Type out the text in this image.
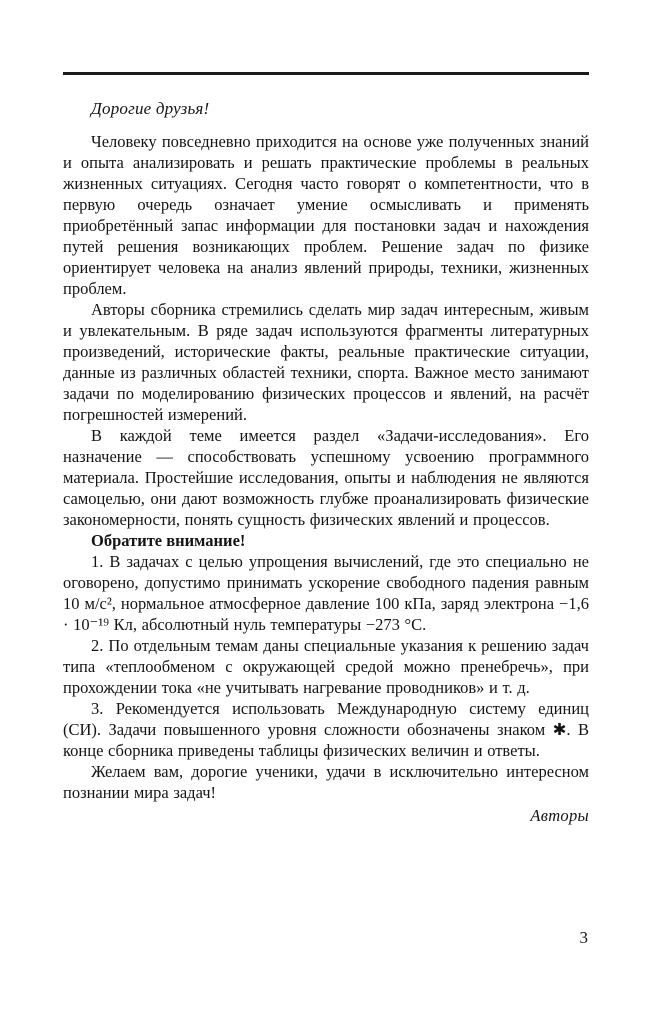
Дорогие друзья!

Человеку повседневно приходится на основе уже полученных знаний и опыта анализировать и решать практические проблемы в реальных жизненных ситуациях. Сегодня часто говорят о компетентности, что в первую очередь означает умение осмысливать и применять приобретённый запас информации для постановки задач и нахождения путей решения возникающих проблем. Решение задач по физике ориентирует человека на анализ явлений природы, техники, жизненных проблем.

Авторы сборника стремились сделать мир задач интересным, живым и увлекательным. В ряде задач используются фрагменты литературных произведений, исторические факты, реальные практические ситуации, данные из различных областей техники, спорта. Важное место занимают задачи по моделированию физических процессов и явлений, на расчёт погрешностей измерений.

В каждой теме имеется раздел «Задачи-исследования». Его назначение — способствовать успешному усвоению программного материала. Простейшие исследования, опыты и наблюдения не являются самоцелью, они дают возможность глубже проанализировать физические закономерности, понять сущность физических явлений и процессов.

Обратите внимание!

1. В задачах с целью упрощения вычислений, где это специально не оговорено, допустимо принимать ускорение свободного падения равным 10 м/с², нормальное атмосферное давление 100 кПа, заряд электрона −1,6 · 10⁻¹⁹ Кл, абсолютный нуль температуры −273 °С.

2. По отдельным темам даны специальные указания к решению задач типа «теплообменом с окружающей средой можно пренебречь», при прохождении тока «не учитывать нагревание проводников» и т. д.

3. Рекомендуется использовать Международную систему единиц (СИ). Задачи повышенного уровня сложности обозначены знаком ✱. В конце сборника приведены таблицы физических величин и ответы.

Желаем вам, дорогие ученики, удачи в исключительно интересном познании мира задач!

Авторы

3
